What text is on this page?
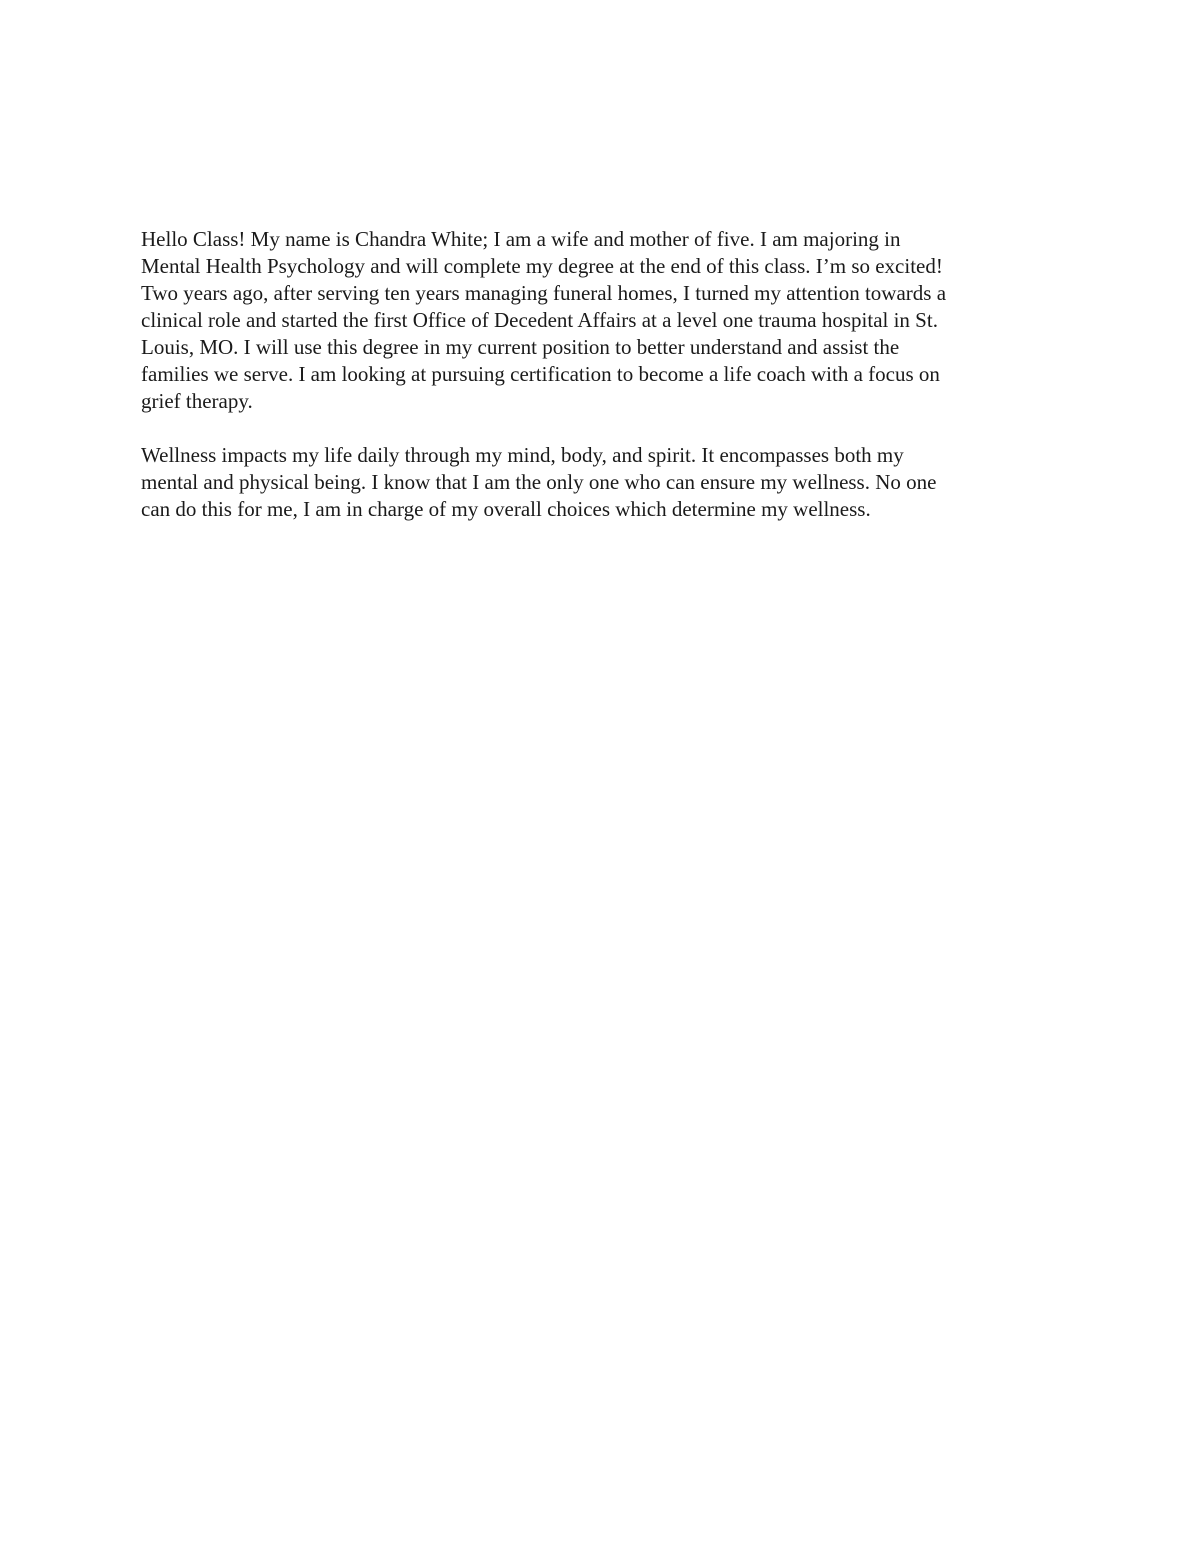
Hello Class! My name is Chandra White; I am a wife and mother of five. I am majoring in
Mental Health Psychology and will complete my degree at the end of this class. I’m so excited!
Two years ago, after serving ten years managing funeral homes, I turned my attention towards a
clinical role and started the first Office of Decedent Affairs at a level one trauma hospital in St.
Louis, MO. I will use this degree in my current position to better understand and assist the
families we serve. I am looking at pursuing certification to become a life coach with a focus on
grief therapy.

Wellness impacts my life daily through my mind, body, and spirit. It encompasses both my
mental and physical being. I know that I am the only one who can ensure my wellness. No one
can do this for me, I am in charge of my overall choices which determine my wellness.
